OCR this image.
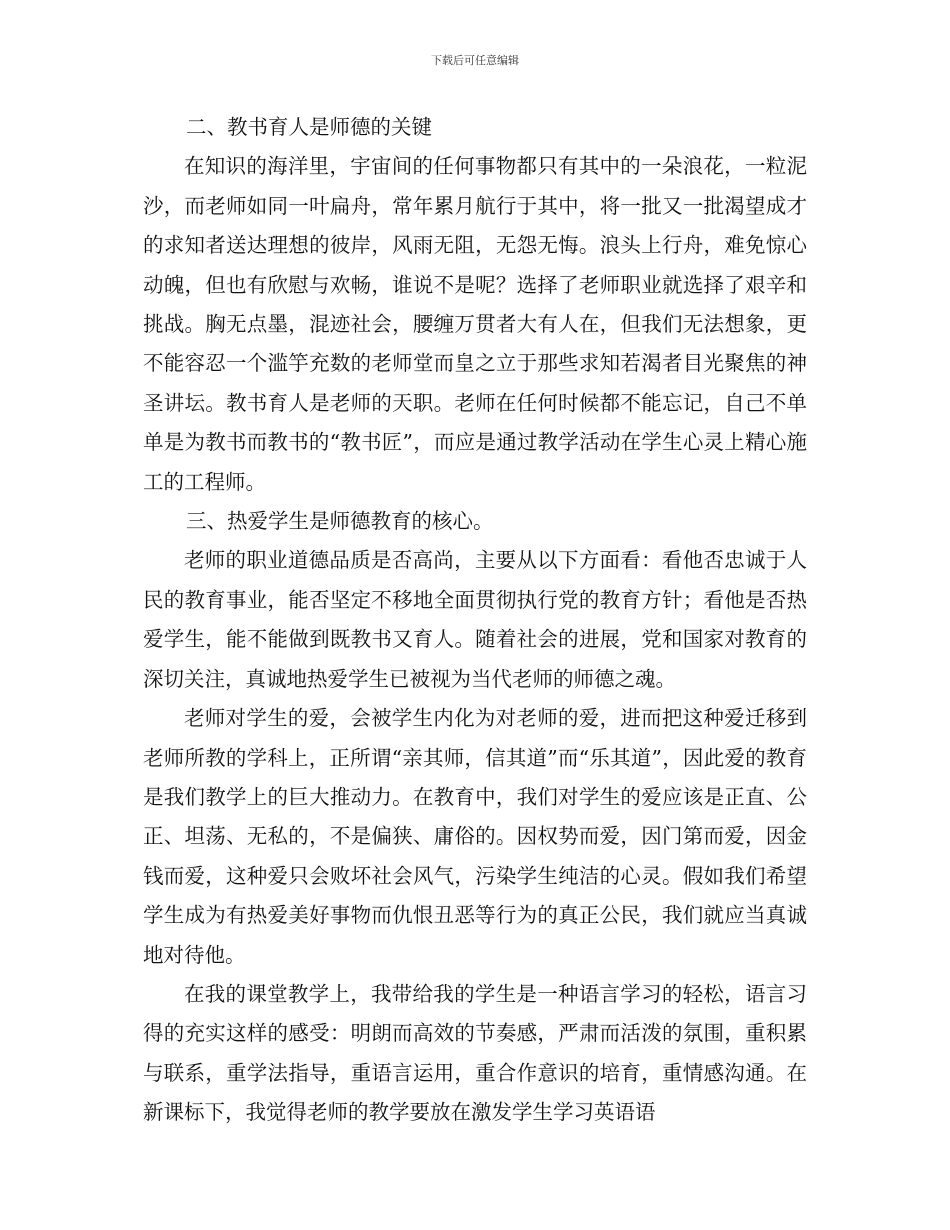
下载后可任意编辑

二、教书育人是师德的关键

在知识的海洋里，宇宙间的任何事物都只有其中的一朵浪花，一粒泥沙，而老师如同一叶扁舟，常年累月航行于其中，将一批又一批渴望成才的求知者送达理想的彼岸，风雨无阻，无怨无悔。浪头上行舟，难免惊心动魄，但也有欣慰与欢畅，谁说不是呢？选择了老师职业就选择了艰辛和挑战。胸无点墨，混迹社会，腰缠万贯者大有人在，但我们无法想象，更不能容忍一个滥竽充数的老师堂而皇之立于那些求知若渴者目光聚焦的神圣讲坛。教书育人是老师的天职。老师在任何时候都不能忘记，自己不单单是为教书而教书的“教书匠”，而应是通过教学活动在学生心灵上精心施工的工程师。

三、热爱学生是师德教育的核心。

老师的职业道德品质是否高尚，主要从以下方面看：看他否忠诚于人民的教育事业，能否坚定不移地全面贯彻执行党的教育方针；看他是否热爱学生，能不能做到既教书又育人。随着社会的进展，党和国家对教育的深切关注，真诚地热爱学生已被视为当代老师的师德之魂。

老师对学生的爱，会被学生内化为对老师的爱，进而把这种爱迁移到老师所教的学科上，正所谓“亲其师，信其道”而“乐其道”，因此爱的教育是我们教学上的巨大推动力。在教育中，我们对学生的爱应该是正直、公正、坦荡、无私的，不是偏狭、庸俗的。因权势而爱，因门第而爱，因金钱而爱，这种爱只会败坏社会风气，污染学生纯洁的心灵。假如我们希望学生成为有热爱美好事物而仇恨丑恶等行为的真正公民，我们就应当真诚地对待他。

在我的课堂教学上，我带给我的学生是一种语言学习的轻松，语言习得的充实这样的感受：明朗而高效的节奏感，严肃而活泼的氛围，重积累与联系，重学法指导，重语言运用，重合作意识的培育，重情感沟通。在新课标下，我觉得老师的教学要放在激发学生学习英语语
